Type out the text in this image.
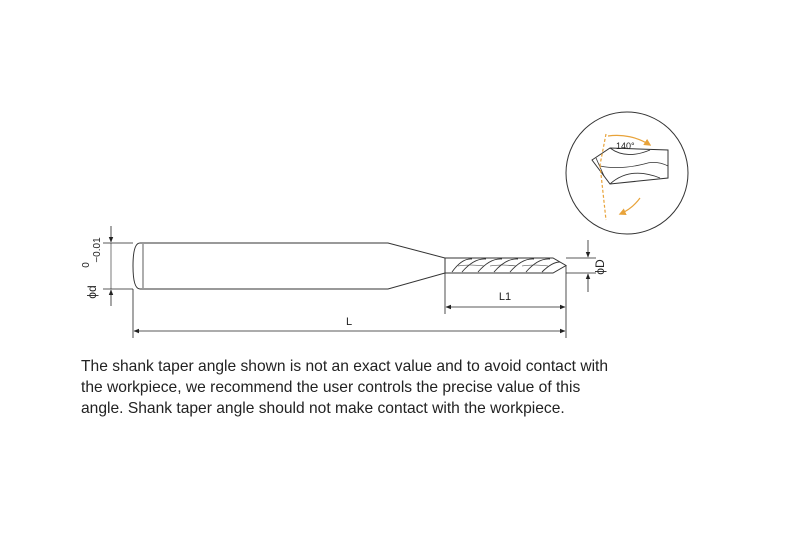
ϕd
0
−0.01
ϕD
L1
L
140°
The shank taper angle shown is not an exact value and to avoid contact with
the workpiece, we recommend the user controls the precise value of this
angle. Shank taper angle should not make contact with the workpiece.
